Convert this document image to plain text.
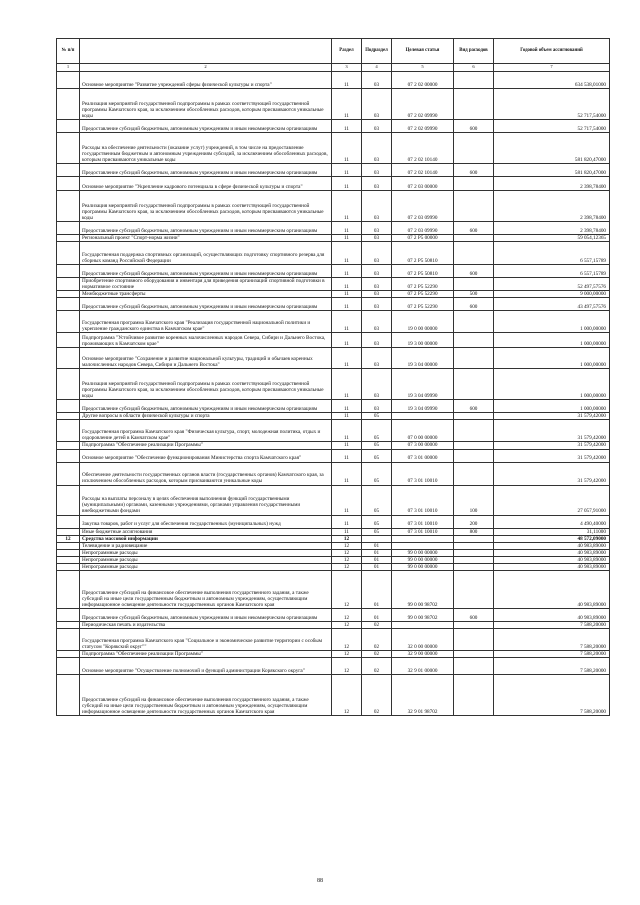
№ п/п		Раздел	Подраздел	Целевая статья	Вид расходов	Годовой объем ассигнований
1	2	3	4	5	6	7
	Основное мероприятие "Развитие учреждений сферы физической культуры и спорта"	11	03	07 2 02 00000		634 538,01000
	Реализация мероприятий государственной подпрограммы в рамках соответствующей государственной программы Камчатского края, за исключением обособленных расходов, которым присваиваются уникальные коды	11	03	07 2 02 09990		52 717,54000
	Предоставление субсидий бюджетным, автономным учреждениям и иным некоммерческим организациям	11	03	07 2 02 09990	600	52 717,54000
	Расходы на обеспечение деятельности (оказание услуг) учреждений, в том числе на предоставление государственным бюджетным и автономным учреждениям субсидий, за исключением обособленных расходов, которым присваиваются уникальные коды	11	03	07 2 02 10140		581 820,47000
	Предоставление субсидий бюджетным, автономным учреждениям и иным некоммерческим организациям	11	03	07 2 02 10140	600	581 820,47000
	Основное мероприятие "Укрепление кадрового потенциала в сфере физической культуры и спорта"	11	03	07 2 03 00000		2 398,78400
	Реализация мероприятий государственной подпрограммы в рамках соответствующей государственной программы Камчатского края, за исключением обособленных расходов, которым присваиваются уникальные коды	11	03	07 2 03 09990		2 398,78400
	Предоставление субсидий бюджетным, автономным учреждениям и иным некоммерческим организациям	11	03	07 2 03 09990	600	2 398,78400
	Региональный проект "Спорт-норма жизни"	11	03	07 2 P5 00000		59 054,12365
	Государственная поддержка спортивных организаций, осуществляющих подготовку спортивного резерва для сборных команд Российской Федерации	11	03	07 2 P5 50810		6 557,15789
	Предоставление субсидий бюджетным, автономным учреждениям и иным некоммерческим организациям	11	03	07 2 P5 50810	600	6 557,15789
	Приобретение спортивного оборудования и инвентаря для приведения организаций спортивной подготовки в нормативное состояние	11	03	07 2 P5 52290		52 497,57576
	Межбюджетные трансферты	11	03	07 2 P5 52290	500	9 000,00000
	Предоставление субсидий бюджетным, автономным учреждениям и иным некоммерческим организациям	11	03	07 2 P5 52290	600	43 497,57576
	Государственная программа Камчатского края "Реализация государственной национальной политики и укрепление гражданского единства в Камчатском крае"	11	03	19 0 00 00000		1 000,00000
	Подпрограмма "Устойчивое развитие коренных малочисленных народов Севера, Сибири и Дальнего Востока, проживающих в Камчатском крае"	11	03	19 3 00 00000		1 000,00000
	Основное мероприятие "Сохранение и развитие национальной культуры, традиций и обычаев коренных малочисленных народов Севера, Сибири и Дальнего Востока"	11	03	19 3 04 00000		1 000,00000
	Реализация мероприятий государственной подпрограммы в рамках соответствующей государственной программы Камчатского края, за исключением обособленных расходов, которым присваиваются уникальные коды	11	03	19 3 04 09990		1 000,00000
	Предоставление субсидий бюджетным, автономным учреждениям и иным некоммерческим организациям	11	03	19 3 04 09990	600	1 000,00000
	Другие вопросы в области физической культуры и спорта	11	05			31 579,42000
	Государственная программа Камчатского края "Физическая культура, спорт, молодежная политика, отдых и оздоровление детей в Камчатском крае"	11	05	07 0 00 00000		31 579,42000
	Подпрограмма "Обеспечение реализации Программы"	11	05	07 3 00 00000		31 579,42000
	Основное мероприятие "Обеспечение функционирования Министерства спорта Камчатского края"	11	05	07 3 01 00000		31 579,42000
	Обеспечение деятельности государственных органов власти (государственных органов) Камчатского края, за исключением обособленных расходов, которым присваиваются уникальные коды	11	05	07 3 01 10010		31 579,42000
	Расходы на выплаты персоналу в целях обеспечения выполнения функций государственными (муниципальными) органами, казенными учреждениями, органами управления государственными внебюджетными фондами	11	05	07 3 01 10010	100	27 057,91000
	Закупка товаров, работ и услуг для обеспечения государственных (муниципальных) нужд	11	05	07 3 01 10010	200	4 490,40000
	Иные бюджетные ассигнования	11	05	07 3 01 10010	800	31,11000
12	Средства массовой информации	12				48 572,09000
	Телевидение и радиовещание	12	01			40 983,89000
	Непрограммные расходы	12	01	99 0 00 00000		40 983,89000
	Непрограммные расходы	12	01	99 0 00 00000		40 983,89000
	Непрограммные расходы	12	01	99 0 00 00000		40 983,89000
	Предоставление субсидий на финансовое обеспечение выполнения государственного задания, а также субсидий на иные цели государственным бюджетным и автономным учреждениям, осуществляющим информационное освещение деятельности государственных органов Камчатского края	12	01	99 0 00 98702		40 983,89000
	Предоставление субсидий бюджетным, автономным учреждениям и иным некоммерческим организациям	12	01	99 0 00 98702	600	40 983,89000
	Периодическая печать и издательства	12	02			7 588,20000
	Государственная программа Камчатского края "Социальное и экономическое развитие территории с особым статусом "Корякский округ""	12	02	32 0 00 00000		7 588,20000
	Подпрограмма "Обеспечение реализации Программы"	12	02	32 9 00 00000		7 588,20000
	Основное мероприятие "Осуществление полномочий и функций администрации Корякского округа"	12	02	32 9 01 00000		7 588,20000
	Предоставление субсидий на финансовое обеспечение выполнения государственного задания, а также субсидий на иные цели государственным бюджетным и автономным учреждениям, осуществляющим информационное освещение деятельности государственных органов Камчатского края	12	02	32 9 01 98702		7 588,20000
88
